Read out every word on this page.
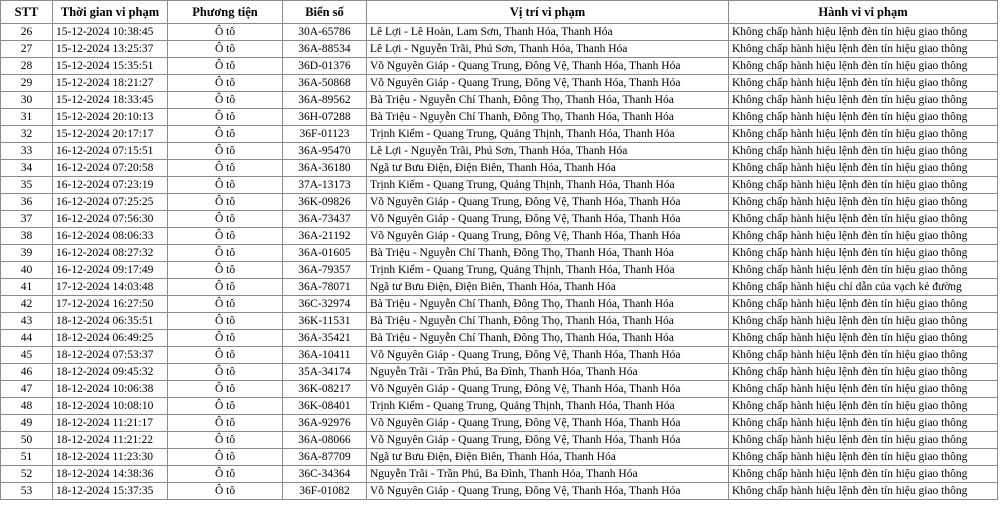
STT	Thời gian vi phạm	Phương tiện	Biển số	Vị trí vi phạm	Hành vi vi phạm
26	15-12-2024 10:38:45	Ô tô	30A-65786	Lê Lợi - Lê Hoàn, Lam Sơn, Thanh Hóa, Thanh Hóa	Không chấp hành hiệu lệnh đèn tín hiệu giao thông
27	15-12-2024 13:25:37	Ô tô	36A-88534	Lê Lợi - Nguyễn Trãi, Phú Sơn, Thanh Hóa, Thanh Hóa	Không chấp hành hiệu lệnh đèn tín hiệu giao thông
28	15-12-2024 15:35:51	Ô tô	36D-01376	Võ Nguyên Giáp - Quang Trung, Đông Vệ, Thanh Hóa, Thanh Hóa	Không chấp hành hiệu lệnh đèn tín hiệu giao thông
29	15-12-2024 18:21:27	Ô tô	36A-50868	Võ Nguyên Giáp - Quang Trung, Đông Vệ, Thanh Hóa, Thanh Hóa	Không chấp hành hiệu lệnh đèn tín hiệu giao thông
30	15-12-2024 18:33:45	Ô tô	36A-89562	Bà Triệu - Nguyễn Chí Thanh, Đông Thọ, Thanh Hóa, Thanh Hóa	Không chấp hành hiệu lệnh đèn tín hiệu giao thông
31	15-12-2024 20:10:13	Ô tô	36H-07288	Bà Triệu - Nguyễn Chí Thanh, Đông Thọ, Thanh Hóa, Thanh Hóa	Không chấp hành hiệu lệnh đèn tín hiệu giao thông
32	15-12-2024 20:17:17	Ô tô	36F-01123	Trịnh Kiểm - Quang Trung, Quảng Thịnh, Thanh Hóa, Thanh Hóa	Không chấp hành hiệu lệnh đèn tín hiệu giao thông
33	16-12-2024 07:15:51	Ô tô	36A-95470	Lê Lợi - Nguyễn Trãi, Phú Sơn, Thanh Hóa, Thanh Hóa	Không chấp hành hiệu lệnh đèn tín hiệu giao thông
34	16-12-2024 07:20:58	Ô tô	36A-36180	Ngã tư Bưu Điện, Điện Biên, Thanh Hóa, Thanh Hóa	Không chấp hành hiệu lệnh đèn tín hiệu giao thông
35	16-12-2024 07:23:19	Ô tô	37A-13173	Trịnh Kiểm - Quang Trung, Quảng Thịnh, Thanh Hóa, Thanh Hóa	Không chấp hành hiệu lệnh đèn tín hiệu giao thông
36	16-12-2024 07:25:25	Ô tô	36K-09826	Võ Nguyên Giáp - Quang Trung, Đông Vệ, Thanh Hóa, Thanh Hóa	Không chấp hành hiệu lệnh đèn tín hiệu giao thông
37	16-12-2024 07:56:30	Ô tô	36A-73437	Võ Nguyên Giáp - Quang Trung, Đông Vệ, Thanh Hóa, Thanh Hóa	Không chấp hành hiệu lệnh đèn tín hiệu giao thông
38	16-12-2024 08:06:33	Ô tô	36A-21192	Võ Nguyên Giáp - Quang Trung, Đông Vệ, Thanh Hóa, Thanh Hóa	Không chấp hành hiệu lệnh đèn tín hiệu giao thông
39	16-12-2024 08:27:32	Ô tô	36A-01605	Bà Triệu - Nguyễn Chí Thanh, Đông Thọ, Thanh Hóa, Thanh Hóa	Không chấp hành hiệu lệnh đèn tín hiệu giao thông
40	16-12-2024 09:17:49	Ô tô	36A-79357	Trịnh Kiểm - Quang Trung, Quảng Thịnh, Thanh Hóa, Thanh Hóa	Không chấp hành hiệu lệnh đèn tín hiệu giao thông
41	17-12-2024 14:03:48	Ô tô	36A-78071	Ngã tư Bưu Điện, Điện Biên, Thanh Hóa, Thanh Hóa	Không chấp hành hiệu chỉ dẫn của vạch kẻ đường
42	17-12-2024 16:27:50	Ô tô	36C-32974	Bà Triệu - Nguyễn Chí Thanh, Đông Thọ, Thanh Hóa, Thanh Hóa	Không chấp hành hiệu lệnh đèn tín hiệu giao thông
43	18-12-2024 06:35:51	Ô tô	36K-11531	Bà Triệu - Nguyễn Chí Thanh, Đông Thọ, Thanh Hóa, Thanh Hóa	Không chấp hành hiệu lệnh đèn tín hiệu giao thông
44	18-12-2024 06:49:25	Ô tô	36A-35421	Bà Triệu - Nguyễn Chí Thanh, Đông Thọ, Thanh Hóa, Thanh Hóa	Không chấp hành hiệu lệnh đèn tín hiệu giao thông
45	18-12-2024 07:53:37	Ô tô	36A-10411	Võ Nguyên Giáp - Quang Trung, Đông Vệ, Thanh Hóa, Thanh Hóa	Không chấp hành hiệu lệnh đèn tín hiệu giao thông
46	18-12-2024 09:45:32	Ô tô	35A-34174	Nguyễn Trãi - Trần Phú, Ba Đình, Thanh Hóa, Thanh Hóa	Không chấp hành hiệu lệnh đèn tín hiệu giao thông
47	18-12-2024 10:06:38	Ô tô	36K-08217	Võ Nguyên Giáp - Quang Trung, Đông Vệ, Thanh Hóa, Thanh Hóa	Không chấp hành hiệu lệnh đèn tín hiệu giao thông
48	18-12-2024 10:08:10	Ô tô	36K-08401	Trịnh Kiểm - Quang Trung, Quảng Thịnh, Thanh Hóa, Thanh Hóa	Không chấp hành hiệu lệnh đèn tín hiệu giao thông
49	18-12-2024 11:21:17	Ô tô	36A-92976	Võ Nguyên Giáp - Quang Trung, Đông Vệ, Thanh Hóa, Thanh Hóa	Không chấp hành hiệu lệnh đèn tín hiệu giao thông
50	18-12-2024 11:21:22	Ô tô	36A-08066	Võ Nguyên Giáp - Quang Trung, Đông Vệ, Thanh Hóa, Thanh Hóa	Không chấp hành hiệu lệnh đèn tín hiệu giao thông
51	18-12-2024 11:23:30	Ô tô	36A-87709	Ngã tư Bưu Điện, Điện Biên, Thanh Hóa, Thanh Hóa	Không chấp hành hiệu lệnh đèn tín hiệu giao thông
52	18-12-2024 14:38:36	Ô tô	36C-34364	Nguyễn Trãi - Trần Phú, Ba Đình, Thanh Hóa, Thanh Hóa	Không chấp hành hiệu lệnh đèn tín hiệu giao thông
53	18-12-2024 15:37:35	Ô tô	36F-01082	Võ Nguyên Giáp - Quang Trung, Đông Vệ, Thanh Hóa, Thanh Hóa	Không chấp hành hiệu lệnh đèn tín hiệu giao thông
